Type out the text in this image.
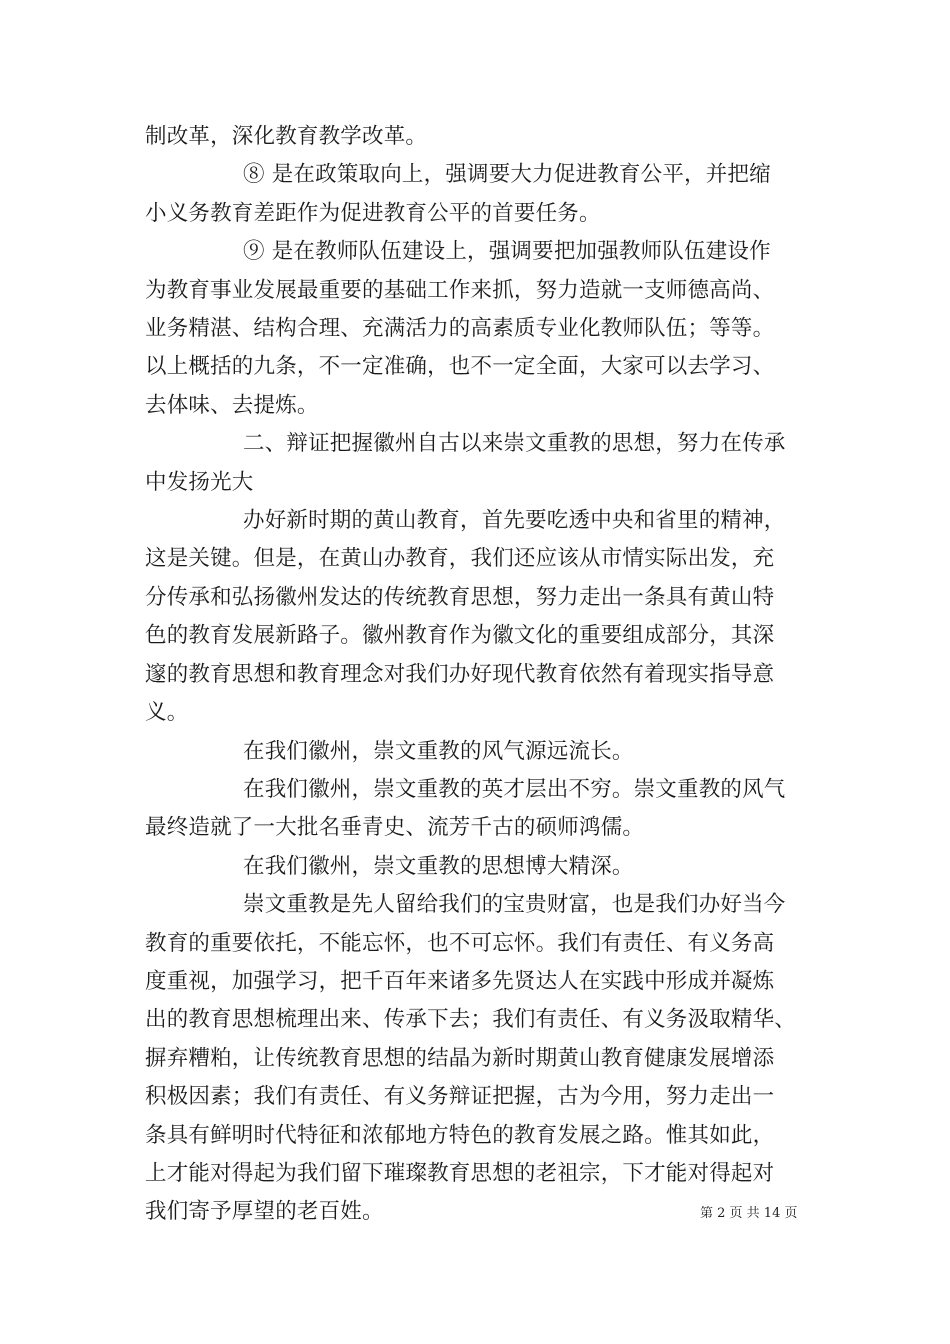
制改革，深化教育教学改革。

⑧ 是在政策取向上，强调要大力促进教育公平，并把缩

小义务教育差距作为促进教育公平的首要任务。

⑨ 是在教师队伍建设上，强调要把加强教师队伍建设作

为教育事业发展最重要的基础工作来抓，努力造就一支师德高尚、

业务精湛、结构合理、充满活力的高素质专业化教师队伍；等等。

以上概括的九条，不一定准确，也不一定全面，大家可以去学习、

去体味、去提炼。

二、辩证把握徽州自古以来崇文重教的思想，努力在传承

中发扬光大

办好新时期的黄山教育，首先要吃透中央和省里的精神，

这是关键。但是，在黄山办教育，我们还应该从市情实际出发，充

分传承和弘扬徽州发达的传统教育思想，努力走出一条具有黄山特

色的教育发展新路子。徽州教育作为徽文化的重要组成部分，其深

邃的教育思想和教育理念对我们办好现代教育依然有着现实指导意

义。

在我们徽州，崇文重教的风气源远流长。

在我们徽州，崇文重教的英才层出不穷。崇文重教的风气

最终造就了一大批名垂青史、流芳千古的硕师鸿儒。

在我们徽州，崇文重教的思想博大精深。

崇文重教是先人留给我们的宝贵财富，也是我们办好当今

教育的重要依托，不能忘怀，也不可忘怀。我们有责任、有义务高

度重视，加强学习，把千百年来诸多先贤达人在实践中形成并凝炼

出的教育思想梳理出来、传承下去；我们有责任、有义务汲取精华、

摒弃糟粕，让传统教育思想的结晶为新时期黄山教育健康发展增添

积极因素；我们有责任、有义务辩证把握，古为今用，努力走出一

条具有鲜明时代特征和浓郁地方特色的教育发展之路。惟其如此，

上才能对得起为我们留下璀璨教育思想的老祖宗，下才能对得起对

我们寄予厚望的老百姓。	第 2 页 共 14 页
